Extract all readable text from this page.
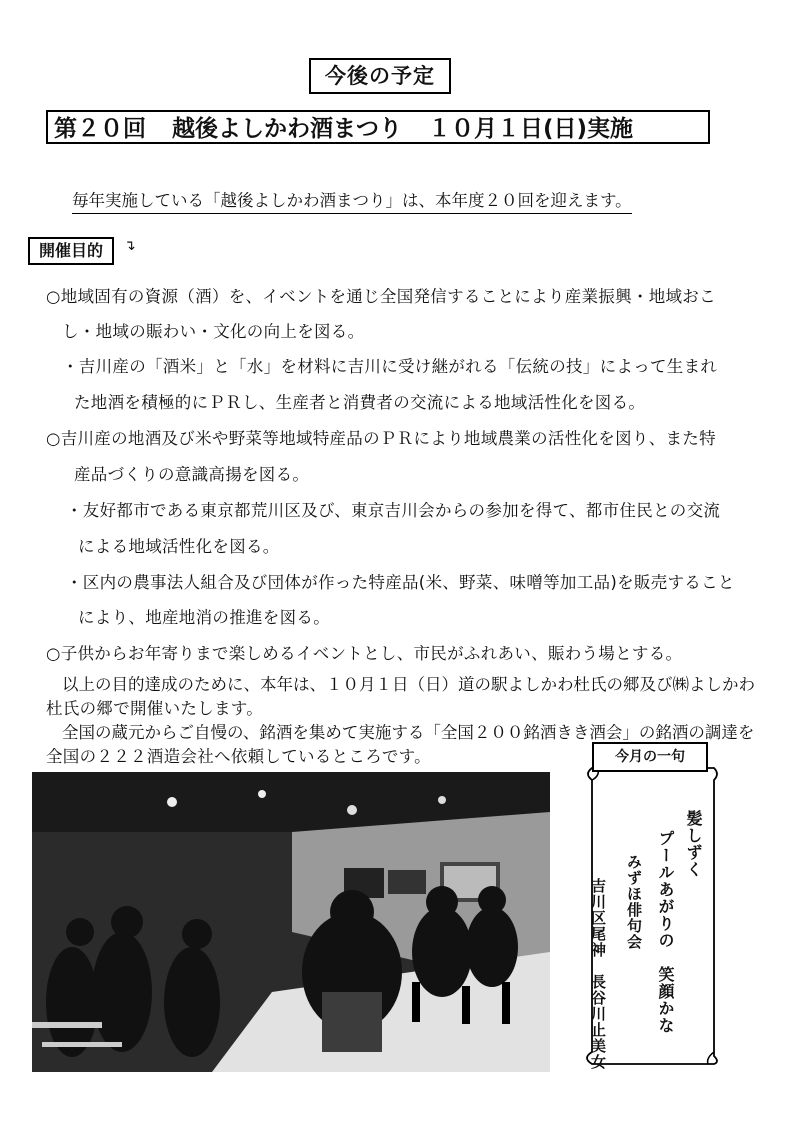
今後の予定
第２０回 越後よしかわ酒まつり １０月１日(日)実施
毎年実施している「越後よしかわ酒まつり」は、本年度２０回を迎えます。
開催目的	↴
○地域固有の資源（酒）を、イベントを通じ全国発信することにより産業振興・地域おこ
し・地域の賑わい・文化の向上を図る。
・吉川産の「酒米」と「水」を材料に吉川に受け継がれる「伝統の技」によって生まれ
た地酒を積極的にＰＲし、生産者と消費者の交流による地域活性化を図る。
○吉川産の地酒及び米や野菜等地域特産品のＰＲにより地域農業の活性化を図り、また特
産品づくりの意識高揚を図る。
・友好都市である東京都荒川区及び、東京吉川会からの参加を得て、都市住民との交流
による地域活性化を図る。
・区内の農事法人組合及び団体が作った特産品(米、野菜、味噌等加工品)を販売すること
により、地産地消の推進を図る。
○子供からお年寄りまで楽しめるイベントとし、市民がふれあい、賑わう場とする。
以上の目的達成のために、本年は、１０月１日（日）道の駅よしかわ杜氏の郷及び㈱よしかわ
杜氏の郷で開催いたします。
全国の蔵元からご自慢の、銘酒を集めて実施する「全国２００銘酒きき酒会」の銘酒の調達を
全国の２２２酒造会社へ依頼しているところです。	今月の一句
髪しずく
プールあがりの　笑顔かな
みずほ俳句会
吉川区尾神　長谷川止美女
